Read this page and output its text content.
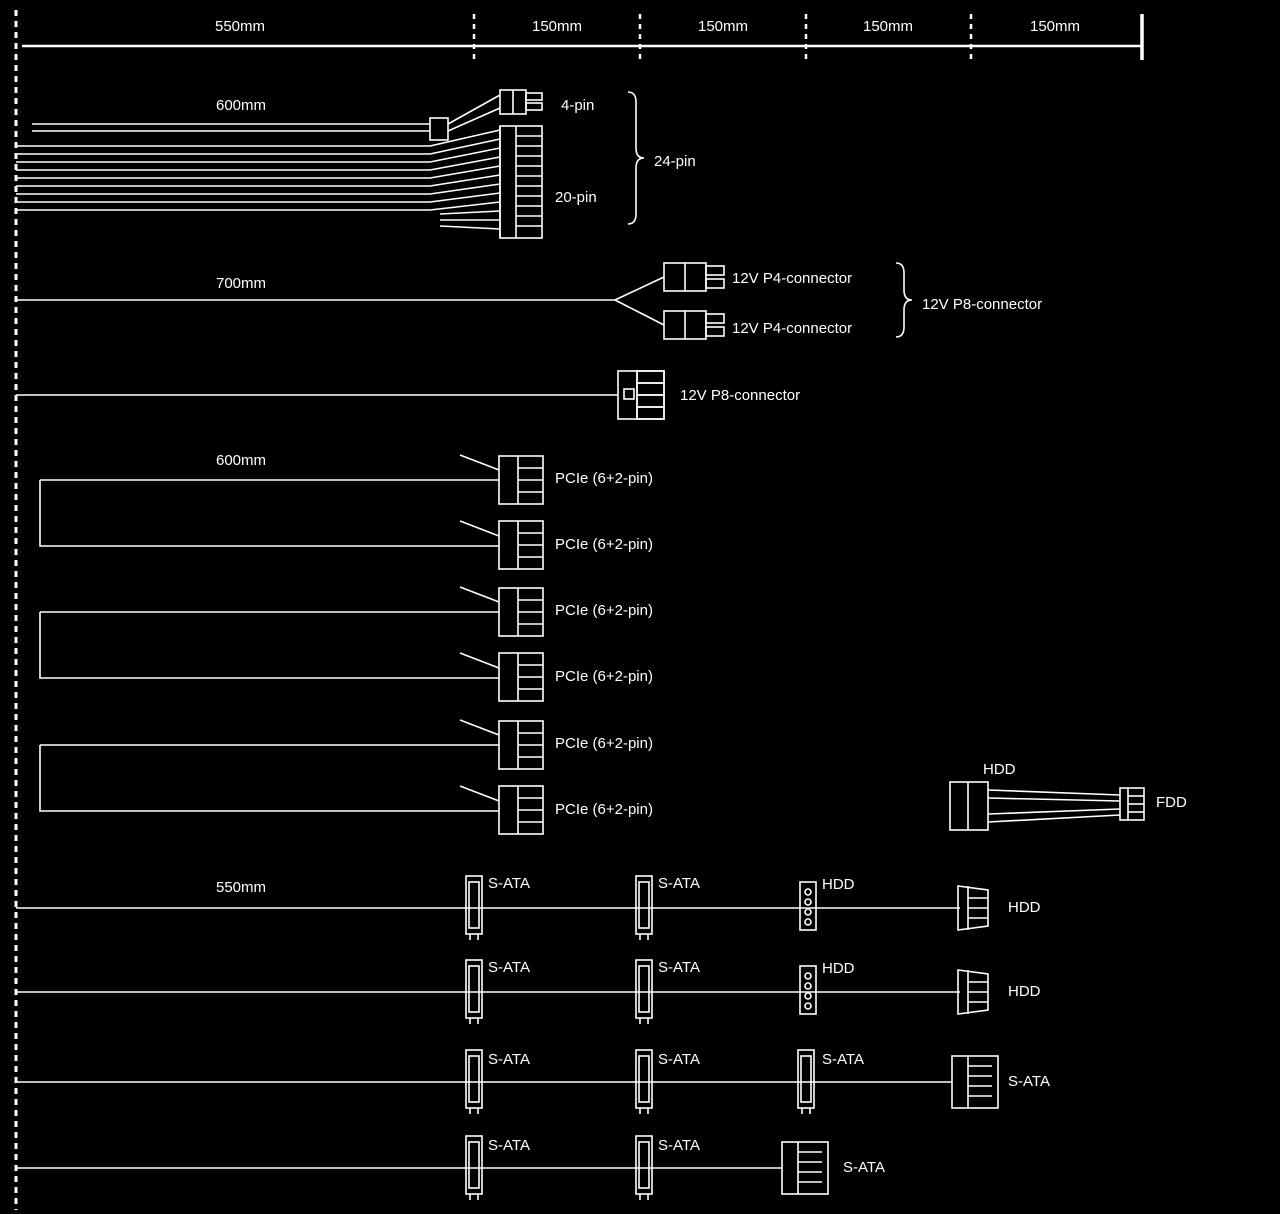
550mm	150mm	150mm	150mm	150mm
600mm	4-pin
20-pin
24-pin
700mm	12V P4-connector
12V P4-connector
12V P8-connector
12V P8-connector
600mm
PCIe (6+2-pin)
PCIe (6+2-pin)
PCIe (6+2-pin)
PCIe (6+2-pin)
PCIe (6+2-pin)
PCIe (6+2-pin)
HDD
FDD
550mm	S-ATA	S-ATA	HDD
HDD
S-ATA	S-ATA	HDD
HDD
S-ATA	S-ATA	S-ATA
S-ATA
S-ATA	S-ATA
S-ATA
